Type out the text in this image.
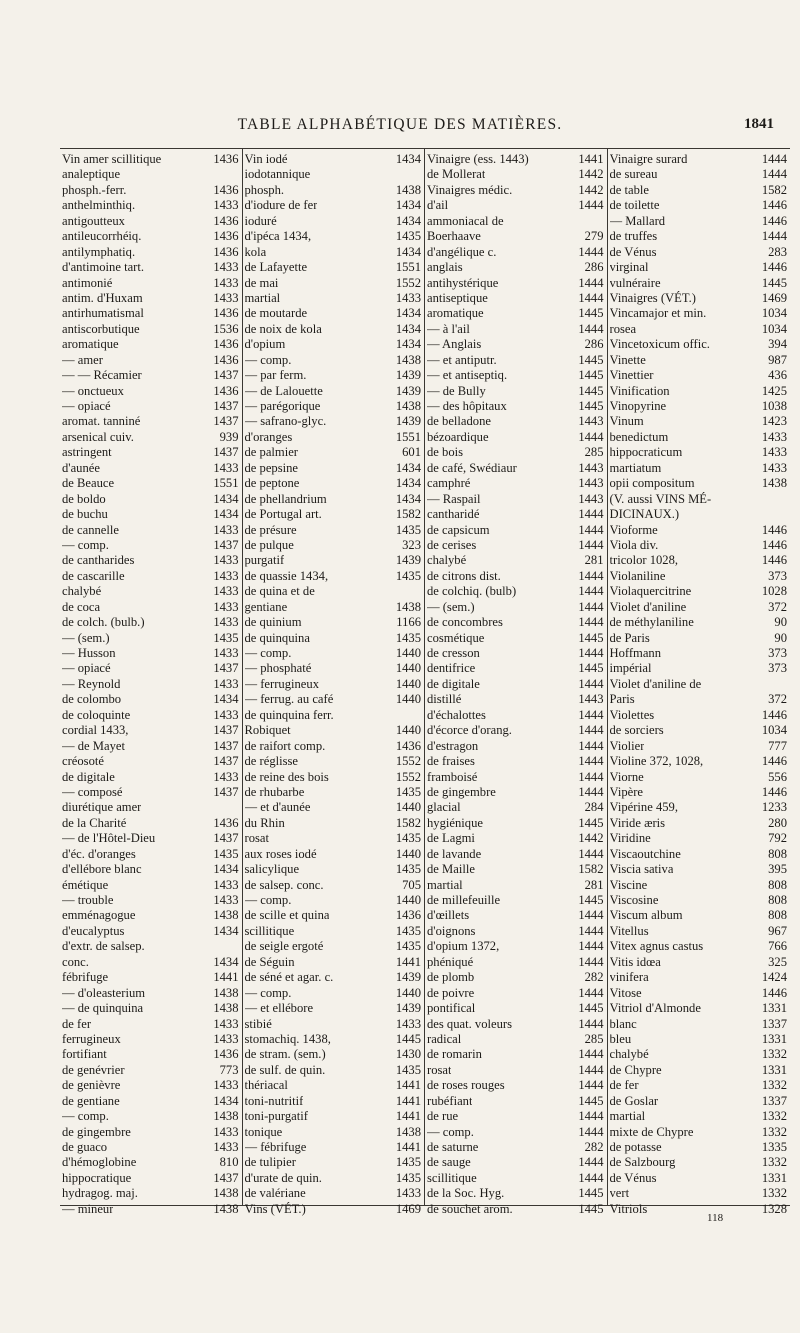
TABLE ALPHABÉTIQUE DES MATIÈRES.	1841
Vin amer scillitique	1436
analeptique
phosph.-ferr.	1436
anthelminthiq.	1433
antigoutteux	1436
antileucorrhéiq.	1436
antilymphatiq.	1436
d'antimoine tart.	1433
antimonié	1433
antim. d'Huxam	1433
antirhumatismal	1436
antiscorbutique	1536
aromatique	1436
— amer	1436
— — Récamier	1437
— onctueux	1436
— opiacé	1437
aromat. tanniné	1437
arsenical cuiv.	939
astringent	1437
d'aunée	1433
de Beauce	1551
de boldo	1434
de buchu	1434
de cannelle	1433
— comp.	1437
de cantharides	1433
de cascarille	1433
chalybé	1433
de coca	1433
de colch. (bulb.)	1433
— (sem.)	1435
— Husson	1433
— opiacé	1437
— Reynold	1433
de colombo	1434
de coloquinte	1433
cordial 1433,	1437
— de Mayet	1437
créosoté	1437
de digitale	1433
— composé	1437
diurétique amer
de la Charité	1436
— de l'Hôtel-Dieu	1437
d'éc. d'oranges	1435
d'ellébore blanc	1434
émétique	1433
— trouble	1433
emménagogue	1438
d'eucalyptus	1434
d'extr. de salsep.
conc.	1434
fébrifuge	1441
— d'oleasterium	1438
— de quinquina	1438
de fer	1433
ferrugineux	1433
fortifiant	1436
de genévrier	773
de genièvre	1433
de gentiane	1434
— comp.	1438
de gingembre	1433
de guaco	1433
d'hémoglobine	810
hippocratique	1437
hydragog. maj.	1438
— mineur	1438
Vin iodé	1434
iodotannique
phosph.	1438
d'iodure de fer	1434
ioduré	1434
d'ipéca 1434,	1435
kola	1434
de Lafayette	1551
de mai	1552
martial	1433
de moutarde	1434
de noix de kola	1434
d'opium	1434
— comp.	1438
— par ferm.	1439
— de Lalouette	1439
— parégorique	1438
— safrano-glyc.	1439
d'oranges	1551
de palmier	601
de pepsine	1434
de peptone	1434
de phellandrium	1434
de Portugal art.	1582
de présure	1435
de pulque	323
purgatif	1439
de quassie 1434,	1435
de quina et de
gentiane	1438
de quinium	1166
de quinquina	1435
— comp.	1440
— phosphaté	1440
— ferrugineux	1440
— ferrug. au café	1440
de quinquina ferr.
Robiquet	1440
de raifort comp.	1436
de réglisse	1552
de reine des bois	1552
de rhubarbe	1435
— et d'aunée	1440
du Rhin	1582
rosat	1435
aux roses iodé	1440
salicylique	1435
de salsep. conc.	705
— comp.	1440
de scille et quina	1436
scillitique	1435
de seigle ergoté	1435
de Séguin	1441
de séné et agar. c.	1439
— comp.	1440
— et ellébore	1439
stibié	1433
stomachiq. 1438,	1445
de stram. (sem.)	1430
de sulf. de quin.	1435
thériacal	1441
toni-nutritif	1441
toni-purgatif	1441
tonique	1438
— fébrifuge	1441
de tulipier	1435
d'urate de quin.	1435
de valériane	1433
Vins (VÉT.)	1469
Vinaigre (ess. 1443)	1441
de Mollerat	1442
Vinaigres médic.	1442
d'ail	1444
ammoniacal de
Boerhaave	279
d'angélique c.	1444
anglais	286
antihystérique	1444
antiseptique	1444
aromatique	1445
— à l'ail	1444
— Anglais	286
— et antiputr.	1445
— et antiseptiq.	1445
— de Bully	1445
— des hôpitaux	1445
de belladone	1443
bézoardique	1444
de bois	285
de café, Swédiaur	1443
camphré	1443
— Raspail	1443
cantharidé	1444
de capsicum	1444
de cerises	1444
chalybé	281
de citrons dist.	1444
de colchiq. (bulb)	1444
— (sem.)	1444
de concombres	1444
cosmétique	1445
de cresson	1444
dentifrice	1445
de digitale	1444
distillé	1443
d'échalottes	1444
d'écorce d'orang.	1444
d'estragon	1444
de fraises	1444
framboisé	1444
de gingembre	1444
glacial	284
hygiénique	1445
de Lagmi	1442
de lavande	1444
de Maille	1582
martial	281
de millefeuille	1445
d'œillets	1444
d'oignons	1444
d'opium 1372,	1444
phéniqué	1444
de plomb	282
de poivre	1444
pontifical	1445
des quat. voleurs	1444
radical	285
de romarin	1444
rosat	1444
de roses rouges	1444
rubéfiant	1445
de rue	1444
— comp.	1444
de saturne	282
de sauge	1444
scillitique	1444
de la Soc. Hyg.	1445
de souchet arom.	1445
Vinaigre surard	1444
de sureau	1444
de table	1582
de toilette	1446
— Mallard	1446
de truffes	1444
de Vénus	283
virginal	1446
vulnéraire	1445
Vinaigres (VÉT.)	1469
Vincamajor et min.	1034
rosea	1034
Vincetoxicum offic.	394
Vinette	987
Vinettier	436
Vinification	1425
Vinopyrine	1038
Vinum	1423
benedictum	1433
hippocraticum	1433
martiatum	1433
opii compositum	1438
(V. aussi VINS MÉ-
DICINAUX.)
Vioforme	1446
Viola div.	1446
tricolor 1028,	1446
Violaniline	373
Violaquercitrine	1028
Violet d'aniline	372
de méthylaniline	90
de Paris	90
Hoffmann	373
impérial	373
Violet d'aniline de
Paris	372
Violettes	1446
de sorciers	1034
Violier	777
Violine 372, 1028,	1446
Viorne	556
Vipère	1446
Vipérine 459,	1233
Viride æris	280
Viridine	792
Viscaoutchine	808
Viscia sativa	395
Viscine	808
Viscosine	808
Viscum album	808
Vitellus	967
Vitex agnus castus	766
Vitis idœa	325
vinifera	1424
Vitose	1446
Vitriol d'Almonde	1331
blanc	1337
bleu	1331
chalybé	1332
de Chypre	1331
de fer	1332
de Goslar	1337
martial	1332
mixte de Chypre	1332
de potasse	1335
de Salzbourg	1332
de Vénus	1331
vert	1332
Vitriols	1328
118
